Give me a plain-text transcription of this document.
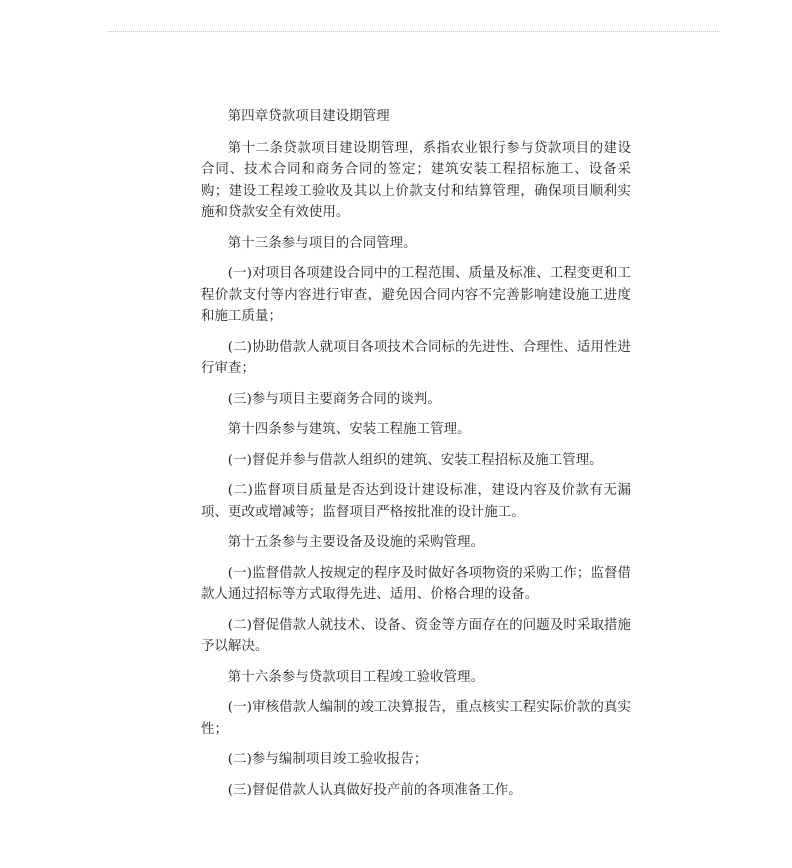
第四章贷款项目建设期管理

第十二条贷款项目建设期管理，系指农业银行参与贷款项目的建设合同、技术合同和商务合同的签定；建筑安装工程招标施工、设备采购；建设工程竣工验收及其以上价款支付和结算管理，确保项目顺利实施和贷款安全有效使用。

第十三条参与项目的合同管理。

(一)对项目各项建设合同中的工程范围、质量及标准、工程变更和工程价款支付等内容进行审查，避免因合同内容不完善影响建设施工进度和施工质量；

(二)协助借款人就项目各项技术合同标的先进性、合理性、适用性进行审查；

(三)参与项目主要商务合同的谈判。

第十四条参与建筑、安装工程施工管理。

(一)督促并参与借款人组织的建筑、安装工程招标及施工管理。

(二)监督项目质量是否达到设计建设标准，建设内容及价款有无漏项、更改或增减等；监督项目严格按批准的设计施工。

第十五条参与主要设备及设施的采购管理。

(一)监督借款人按规定的程序及时做好各项物资的采购工作；监督借款人通过招标等方式取得先进、适用、价格合理的设备。

(二)督促借款人就技术、设备、资金等方面存在的问题及时采取措施予以解决。

第十六条参与贷款项目工程竣工验收管理。

(一)审核借款人编制的竣工决算报告，重点核实工程实际价款的真实性；

(二)参与编制项目竣工验收报告；

(三)督促借款人认真做好投产前的各项准备工作。
